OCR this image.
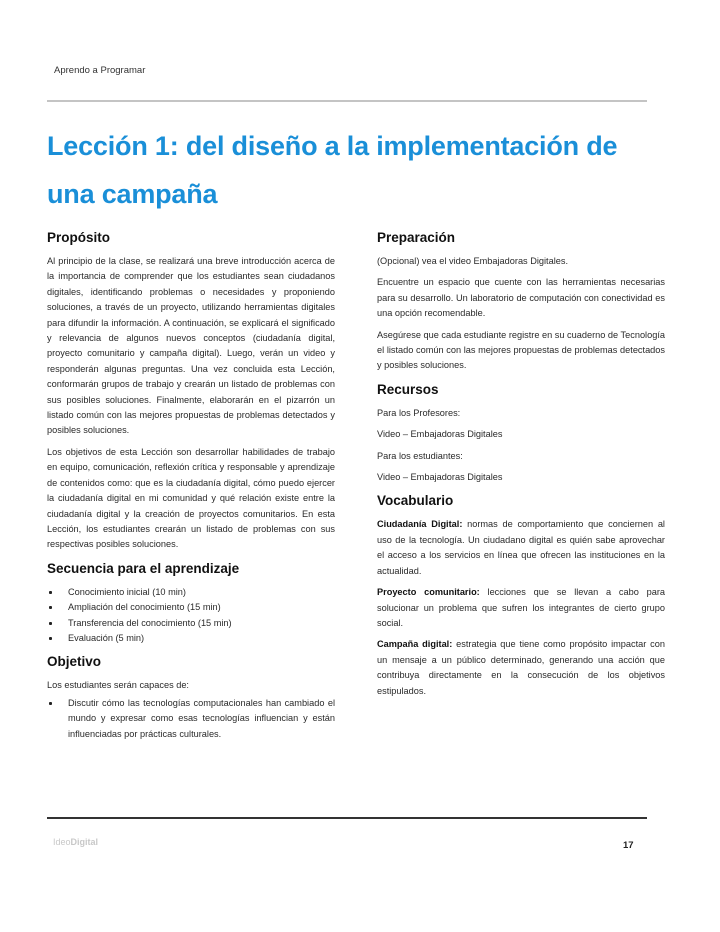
Aprendo a Programar
Lección 1: del diseño a la implementación de una campaña
Propósito

Al principio de la clase, se realizará una breve introducción acerca de la importancia de comprender que los estudiantes sean ciudadanos digitales, identificando problemas o necesidades y proponiendo soluciones, a través de un proyecto, utilizando herramientas digitales para difundir la información. A continuación, se explicará el significado y relevancia de algunos nuevos conceptos (ciudadanía digital, proyecto comunitario y campaña digital). Luego, verán un video y responderán algunas preguntas. Una vez concluida esta Lección, conformarán grupos de trabajo y crearán un listado de problemas con sus posibles soluciones. Finalmente, elaborarán en el pizarrón un listado común con las mejores propuestas de problemas detectados y posibles soluciones.

Los objetivos de esta Lección son desarrollar habilidades de trabajo en equipo, comunicación, reflexión crítica y responsable y aprendizaje de contenidos como: que es la ciudadanía digital, cómo puedo ejercer la ciudadanía digital en mi comunidad y qué relación existe entre la ciudadanía digital y la creación de proyectos comunitarios. En esta Lección, los estudiantes crearán un listado de problemas con sus respectivas posibles soluciones.

Secuencia para el aprendizaje
Conocimiento inicial (10 min)
Ampliación del conocimiento (15 min)
Transferencia del conocimiento (15 min)
Evaluación (5 min)
Objetivo

Los estudiantes serán capaces de:

Discutir cómo las tecnologías computacionales han cambiado el mundo y expresar como esas tecnologías influencian y están influenciadas por prácticas culturales.
Preparación

(Opcional) vea el video Embajadoras Digitales.

Encuentre un espacio que cuente con las herramientas necesarias para su desarrollo. Un laboratorio de computación con conectividad es una opción recomendable.

Asegúrese que cada estudiante registre en su cuaderno de Tecnología el listado común con las mejores propuestas de problemas detectados y posibles soluciones.

Recursos

Para los Profesores:

Video – Embajadoras Digitales

Para los estudiantes:

Video – Embajadoras Digitales

Vocabulario

Ciudadanía Digital: normas de comportamiento que conciernen al uso de la tecnología. Un ciudadano digital es quién sabe aprovechar el acceso a los servicios en línea que ofrecen las instituciones en la actualidad.

Proyecto comunitario: lecciones que se llevan a cabo para solucionar un problema que sufren los integrantes de cierto grupo social.

Campaña digital: estrategia que tiene como propósito impactar con un mensaje a un público determinado, generando una acción que contribuya directamente en la consecución de los objetivos estipulados.

IdeoDigital	17
